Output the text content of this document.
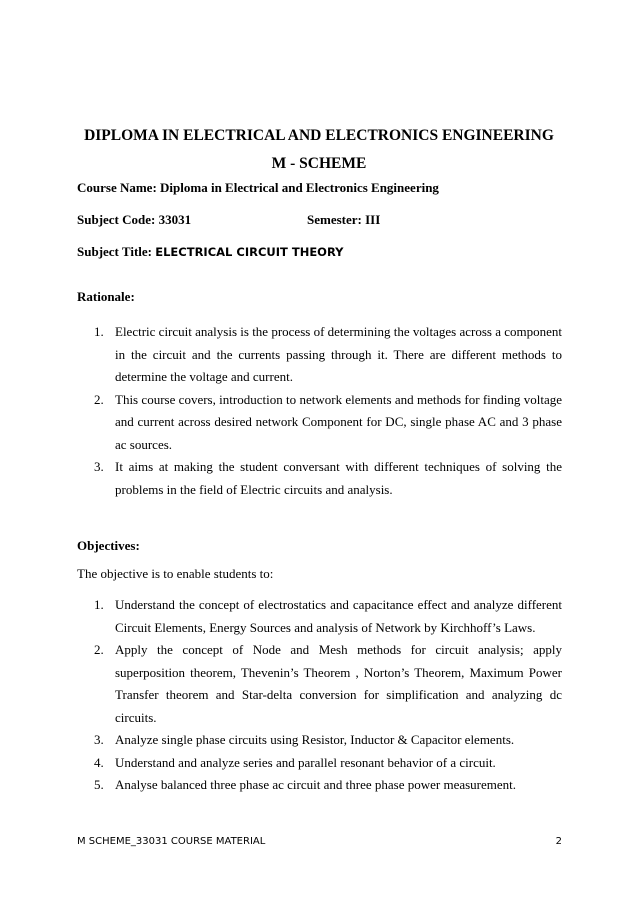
DIPLOMA IN ELECTRICAL AND ELECTRONICS ENGINEERING
M - SCHEME
Course Name: Diploma in Electrical and Electronics Engineering
Subject Code: 33031	Semester: III
Subject Title: ELECTRICAL CIRCUIT THEORY
Rationale:
1. Electric circuit analysis is the process of determining the voltages across a component in the circuit and the currents passing through it. There are different methods to determine the voltage and current.
2. This course covers, introduction to network elements and methods for finding voltage and current across desired network Component for DC, single phase AC and 3 phase ac sources.
3. It aims at making the student conversant with different techniques of solving the problems in the field of Electric circuits and analysis.
Objectives:
The objective is to enable students to:
1. Understand the concept of electrostatics and capacitance effect and analyze different Circuit Elements, Energy Sources and analysis of Network by Kirchhoff’s Laws.
2. Apply the concept of Node and Mesh methods for circuit analysis; apply superposition theorem, Thevenin’s Theorem , Norton’s Theorem, Maximum Power Transfer theorem and Star-delta conversion for simplification and analyzing dc circuits.
3. Analyze single phase circuits using Resistor, Inductor & Capacitor elements.
4. Understand and analyze series and parallel resonant behavior of a circuit.
5. Analyse balanced three phase ac circuit and three phase power measurement.
M SCHEME_33031 COURSE MATERIAL	2
